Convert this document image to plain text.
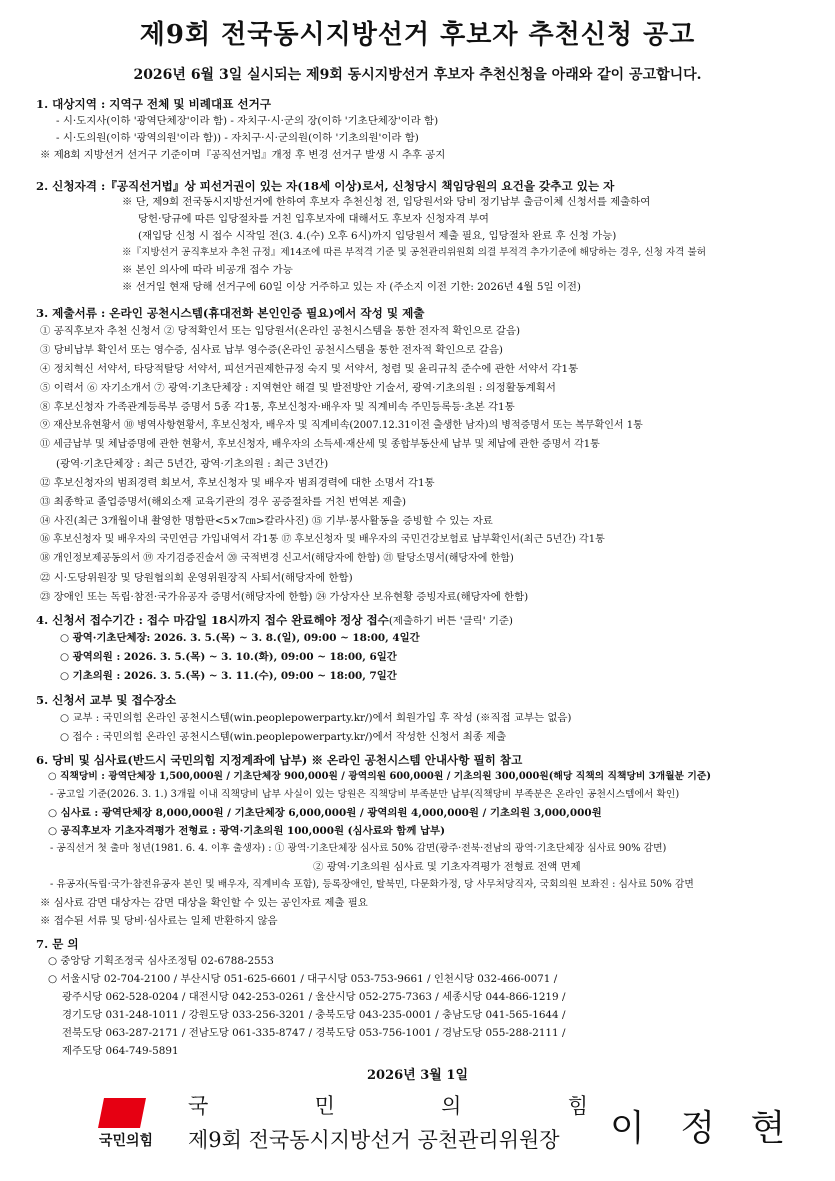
제9회 전국동시지방선거 후보자 추천신청 공고
2026년 6월 3일 실시되는 제9회 동시지방선거 후보자 추천신청을 아래와 같이 공고합니다.
1. 대상지역 : 지역구 전체 및 비례대표 선거구
- 시·도지사(이하 '광역단체장'이라 함) - 자치구·시·군의 장(이하 '기초단체장'이라 함)
- 시·도의원(이하 '광역의원'이라 함)) - 자치구·시·군의원(이하 '기초의원'이라 함)
※ 제8회 지방선거 선거구 기준이며『공직선거법』개정 후 변경 선거구 발생 시 추후 공지
2. 신청자격 :『공직선거법』상 피선거권이 있는 자(18세 이상)로서, 신청당시 책임당원의 요건을 갖추고 있는 자
※ 단, 제9회 전국동시지방선거에 한하여 후보자 추천신청 전, 입당원서와 당비 정기납부 출금이체 신청서를 제출하여
당헌·당규에 따른 입당절차를 거친 입후보자에 대해서도 후보자 신청자격 부여
(재입당 신청 시 접수 시작일 전(3. 4.(수) 오후 6시)까지 입당원서 제출 필요, 입당절차 완료 후 신청 가능)
※『지방선거 공직후보자 추천 규정』제14조에 따른 부적격 기준 및 공천관리위원회 의결 부적격 추가기준에 해당하는 경우, 신청 자격 불허
※ 본인 의사에 따라 비공개 접수 가능
※ 선거일 현재 당해 선거구에 60일 이상 거주하고 있는 자 (주소지 이전 기한: 2026년 4월 5일 이전)
3. 제출서류 : 온라인 공천시스템(휴대전화 본인인증 필요)에서 작성 및 제출
① 공직후보자 추천 신청서 ② 당적확인서 또는 입당원서(온라인 공천시스템을 통한 전자적 확인으로 갈음)
③ 당비납부 확인서 또는 영수증, 심사료 납부 영수증(온라인 공천시스템을 통한 전자적 확인으로 갈음)
④ 정치혁신 서약서, 타당적탈당 서약서, 피선거권제한규정 숙지 및 서약서, 청렴 및 윤리규칙 준수에 관한 서약서 각1통
⑤ 이력서 ⑥ 자기소개서 ⑦ 광역·기초단체장 : 지역현안 해결 및 발전방안 기술서, 광역·기초의원 : 의정활동계획서
⑧ 후보신청자 가족관계등록부 증명서 5종 각1통, 후보신청자·배우자 및 직계비속 주민등록등·초본 각1통
⑨ 재산보유현황서 ⑩ 병역사항현황서, 후보신청자, 배우자 및 직계비속(2007.12.31이전 출생한 남자)의 병적증명서 또는 복무확인서 1통
⑪ 세금납부 및 체납증명에 관한 현황서, 후보신청자, 배우자의 소득세·재산세 및 종합부동산세 납부 및 체납에 관한 증명서 각1통
(광역·기초단체장 : 최근 5년간, 광역·기초의원 : 최근 3년간)
⑫ 후보신청자의 범죄경력 회보서, 후보신청자 및 배우자 범죄경력에 대한 소명서 각1통
⑬ 최종학교 졸업증명서(해외소재 교육기관의 경우 공증절차를 거친 번역본 제출)
⑭ 사진(최근 3개월이내 촬영한 명함판<5×7㎝>칼라사진) ⑮ 기부·봉사활동을 증빙할 수 있는 자료
⑯ 후보신청자 및 배우자의 국민연금 가입내역서 각1통 ⑰ 후보신청자 및 배우자의 국민건강보험료 납부확인서(최근 5년간) 각1통
⑱ 개인정보제공동의서 ⑲ 자기검증진술서 ⑳ 국적변경 신고서(해당자에 한함) ㉑ 탈당소명서(해당자에 한함)
㉒ 시·도당위원장 및 당원협의회 운영위원장직 사퇴서(해당자에 한함)
㉓ 장애인 또는 독립·참전·국가유공자 증명서(해당자에 한함) ㉔ 가상자산 보유현황 증빙자료(해당자에 한함)
4. 신청서 접수기간 : 접수 마감일 18시까지 접수 완료해야 정상 접수(제출하기 버튼 '클릭' 기준)
○ 광역·기초단체장: 2026. 3. 5.(목) ~ 3. 8.(일), 09:00 ~ 18:00, 4일간
○ 광역의원 : 2026. 3. 5.(목) ~ 3. 10.(화), 09:00 ~ 18:00, 6일간
○ 기초의원 : 2026. 3. 5.(목) ~ 3. 11.(수), 09:00 ~ 18:00, 7일간
5. 신청서 교부 및 접수장소
○ 교부 : 국민의힘 온라인 공천시스템(win.peoplepowerparty.kr/)에서 회원가입 후 작성 (※직접 교부는 없음)
○ 접수 : 국민의힘 온라인 공천시스템(win.peoplepowerparty.kr/)에서 작성한 신청서 최종 제출
6. 당비 및 심사료(반드시 국민의힘 지정계좌에 납부) ※ 온라인 공천시스템 안내사항 필히 참고
○ 직책당비 : 광역단체장 1,500,000원 / 기초단체장 900,000원 / 광역의원 600,000원 / 기초의원 300,000원(해당 직책의 직책당비 3개월분 기준)
- 공고일 기준(2026. 3. 1.) 3개월 이내 직책당비 납부 사실이 있는 당원은 직책당비 부족분만 납부(직책당비 부족분은 온라인 공천시스템에서 확인)
○ 심사료 : 광역단체장 8,000,000원 / 기초단체장 6,000,000원 / 광역의원 4,000,000원 / 기초의원 3,000,000원
○ 공직후보자 기초자격평가 전형료 : 광역·기초의원 100,000원 (심사료와 함께 납부)
- 공직선거 첫 출마 청년(1981. 6. 4. 이후 출생자) : ① 광역·기초단체장 심사료 50% 감면(광주·전북·전남의 광역·기초단체장 심사료 90% 감면)
② 광역·기초의원 심사료 및 기초자격평가 전형료 전액 면제
- 유공자(독립·국가·참전유공자 본인 및 배우자, 직계비속 포함), 등록장애인, 탈북민, 다문화가정, 당 사무처당직자, 국회의원 보좌진 : 심사료 50% 감면
※ 심사료 감면 대상자는 감면 대상을 확인할 수 있는 공인자료 제출 필요
※ 접수된 서류 및 당비·심사료는 일체 반환하지 않음
7. 문 의
○ 중앙당 기획조정국 심사조정팀 02-6788-2553
○ 서울시당 02-704-2100 / 부산시당 051-625-6601 / 대구시당 053-753-9661 / 인천시당 032-466-0071 /
광주시당 062-528-0204 / 대전시당 042-253-0261 / 울산시당 052-275-7363 / 세종시당 044-866-1219 /
경기도당 031-248-1011 / 강원도당 033-256-3201 / 충북도당 043-235-0001 / 충남도당 041-565-1644 /
전북도당 063-287-2171 / 전남도당 061-335-8747 / 경북도당 053-756-1001 / 경남도당 055-288-2111 /
제주도당 064-749-5891
2026년 3월 1일
국민의힘
국	민	의	힘
제9회 전국동시지방선거 공천관리위원장 이 정 현
